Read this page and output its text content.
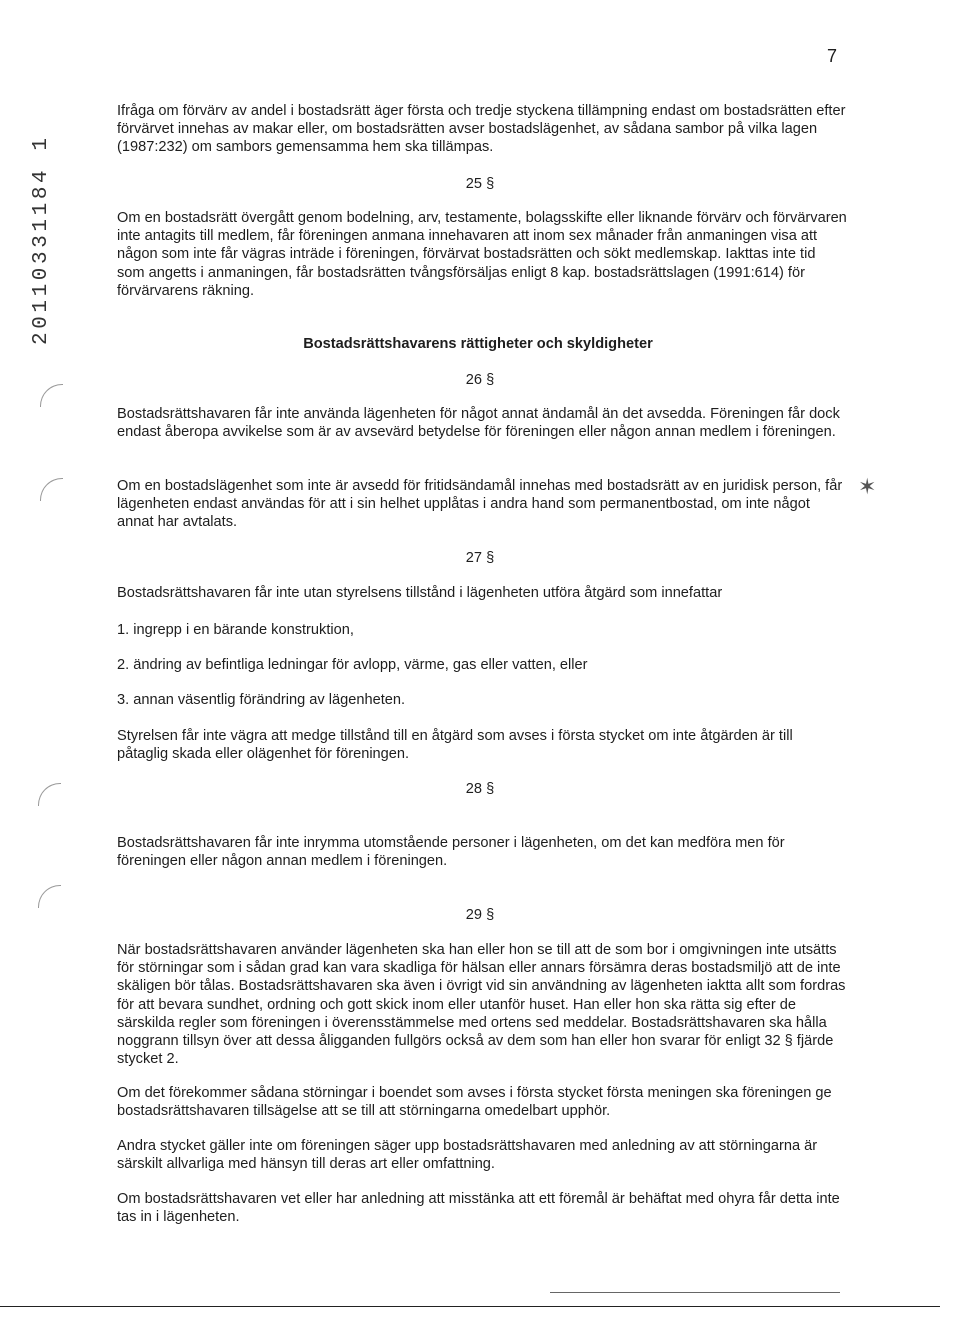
7
20110331184 1

Ifråga om förvärv av andel i bostadsrätt äger första och tredje styckena tillämpning endast om bostadsrätten efter förvärvet innehas av makar eller, om bostadsrätten avser bostadslägenhet, av sådana sambor på vilka lagen (1987:232) om sambors gemensamma hem ska tillämpas.

25 §

Om en bostadsrätt övergått genom bodelning, arv, testamente, bolagsskifte eller liknande förvärv och förvärvaren inte antagits till medlem, får föreningen anmana innehavaren att inom sex månader från anmaningen visa att någon som inte får vägras inträde i föreningen, förvärvat bostadsrätten och sökt medlemskap. Iakttas inte tid som angetts i anmaningen, får bostadsrätten tvångsförsäljas enligt 8 kap. bostadsrättslagen (1991:614) för förvärvarens räkning.

Bostadsrättshavarens rättigheter och skyldigheter
26 §

Bostadsrättshavaren får inte använda lägenheten för något annat ändamål än det avsedda. Föreningen får dock endast åberopa avvikelse som är av avsevärd betydelse för föreningen eller någon annan medlem i föreningen.

Om en bostadslägenhet som inte är avsedd för fritidsändamål innehas med bostadsrätt av en juridisk person, får lägenheten endast användas för att i sin helhet upplåtas i andra hand som permanentbostad, om inte något annat har avtalats.

27 §

Bostadsrättshavaren får inte utan styrelsens tillstånd i lägenheten utföra åtgärd som innefattar

1. ingrepp i en bärande konstruktion,

2. ändring av befintliga ledningar för avlopp, värme, gas eller vatten, eller

3. annan väsentlig förändring av lägenheten.

Styrelsen får inte vägra att medge tillstånd till en åtgärd som avses i första stycket om inte åtgärden är till påtaglig skada eller olägenhet för föreningen.

28 §

Bostadsrättshavaren får inte inrymma utomstående personer i lägenheten, om det kan medföra men för föreningen eller någon annan medlem i föreningen.

29 §

När bostadsrättshavaren använder lägenheten ska han eller hon se till att de som bor i omgivningen inte utsätts för störningar som i sådan grad kan vara skadliga för hälsan eller annars försämra deras bostadsmiljö att de inte skäligen bör tålas. Bostadsrättshavaren ska även i övrigt vid sin användning av lägenheten iaktta allt som fordras för att bevara sundhet, ordning och gott skick inom eller utanför huset. Han eller hon ska rätta sig efter de särskilda regler som föreningen i överensstämmelse med ortens sed meddelar. Bostadsrättshavaren ska hålla noggrann tillsyn över att dessa åligganden fullgörs också av dem som han eller hon svarar för enligt 32 § fjärde stycket 2.

Om det förekommer sådana störningar i boendet som avses i första stycket första meningen ska föreningen ge bostadsrättshavaren tillsägelse att se till att störningarna omedelbart upphör.

Andra stycket gäller inte om föreningen säger upp bostadsrättshavaren med anledning av att störningarna är särskilt allvarliga med hänsyn till deras art eller omfattning.

Om bostadsrättshavaren vet eller har anledning att misstänka att ett föremål är behäftat med ohyra får detta inte tas in i lägenheten.

✶
